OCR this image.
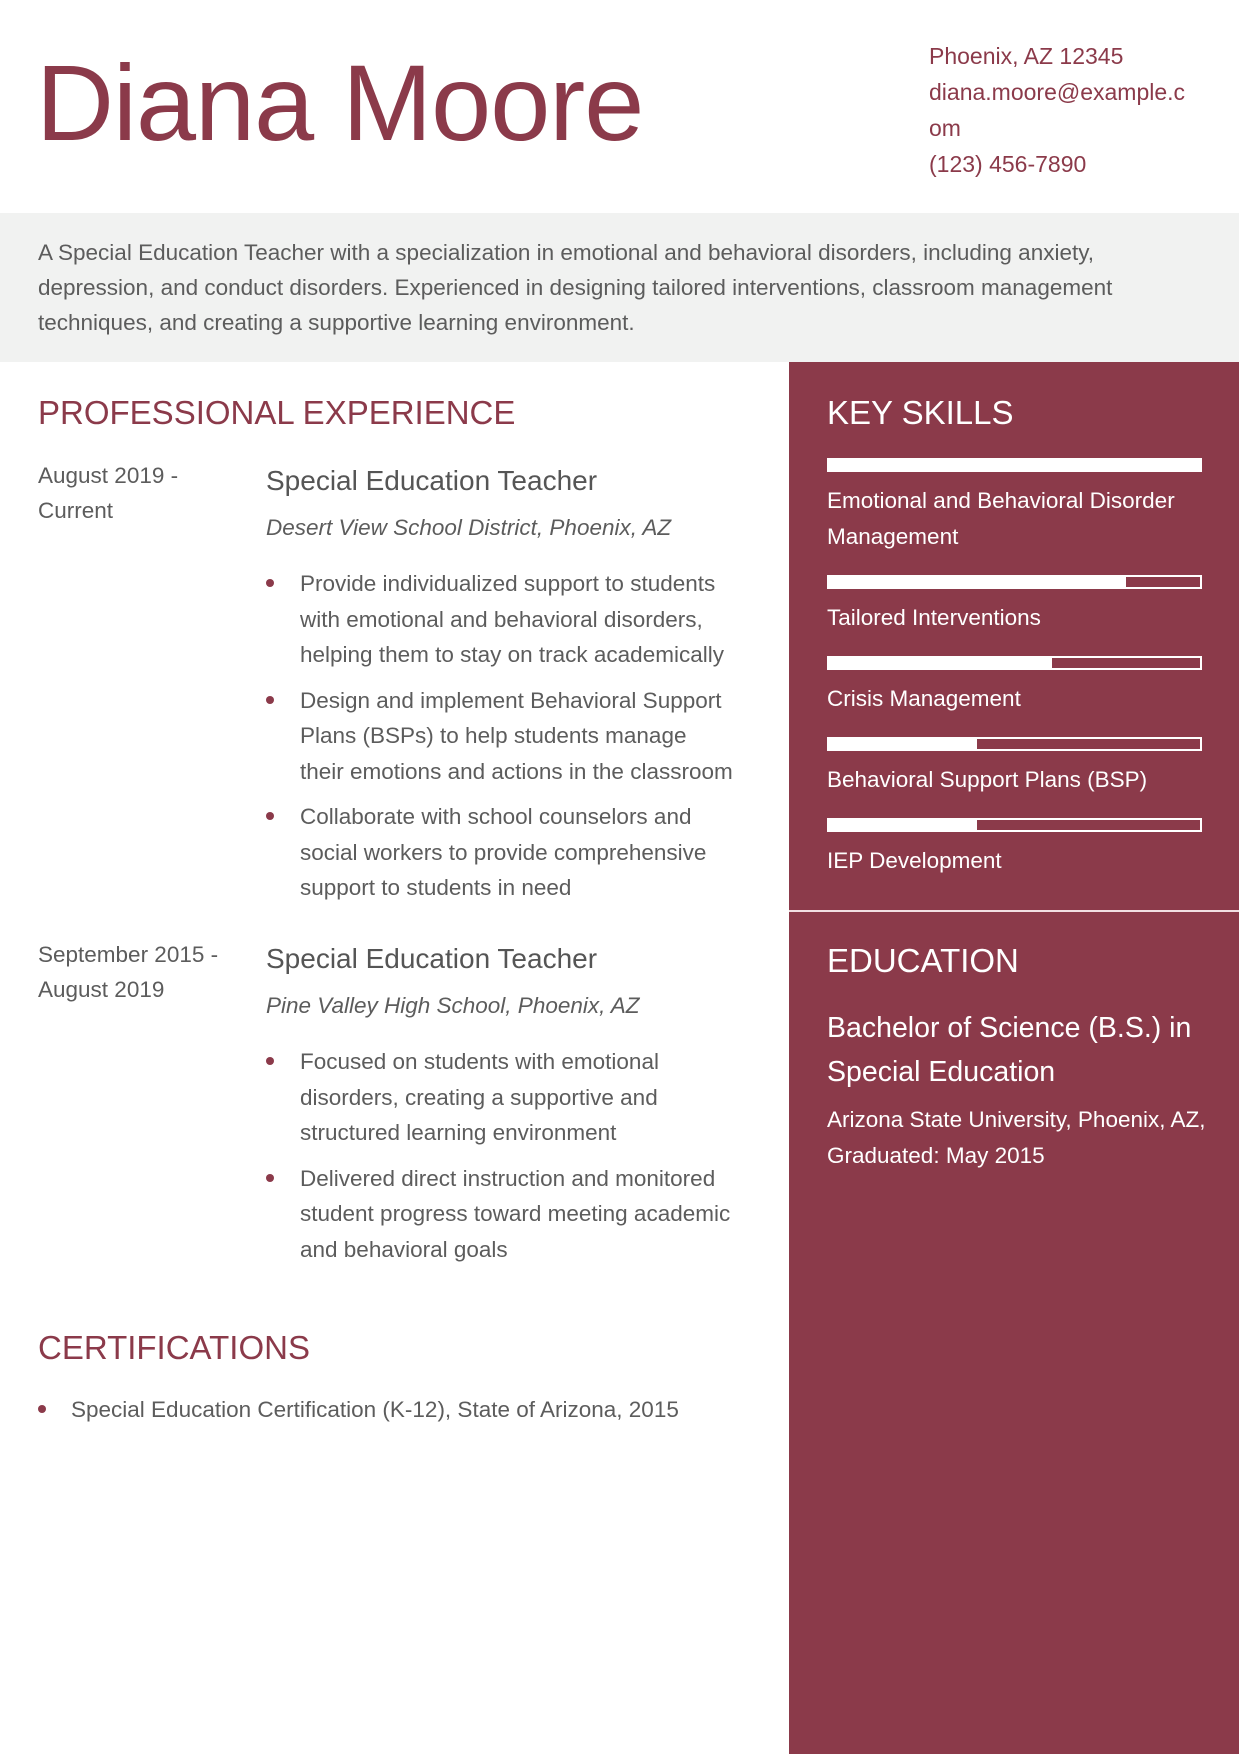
Diana Moore	Phoenix, AZ 12345
diana.moore@example.com
(123) 456-7890
A Special Education Teacher with a specialization in emotional and behavioral disorders, including anxiety, depression, and conduct disorders. Experienced in designing tailored interventions, classroom management techniques, and creating a supportive learning environment.
PROFESSIONAL EXPERIENCE
August 2019 - Current
Special Education Teacher
Desert View School District, Phoenix, AZ
Provide individualized support to students with emotional and behavioral disorders, helping them to stay on track academically
Design and implement Behavioral Support Plans (BSPs) to help students manage their emotions and actions in the classroom
Collaborate with school counselors and social workers to provide comprehensive support to students in need
September 2015 - August 2019
Special Education Teacher
Pine Valley High School, Phoenix, AZ
Focused on students with emotional disorders, creating a supportive and structured learning environment
Delivered direct instruction and monitored student progress toward meeting academic and behavioral goals
CERTIFICATIONS
Special Education Certification (K-12), State of Arizona, 2015
KEY SKILLS
Emotional and Behavioral Disorder Management
Tailored Interventions
Crisis Management
Behavioral Support Plans (BSP)
IEP Development
EDUCATION
Bachelor of Science (B.S.) in Special Education
Arizona State University, Phoenix, AZ, Graduated: May 2015
